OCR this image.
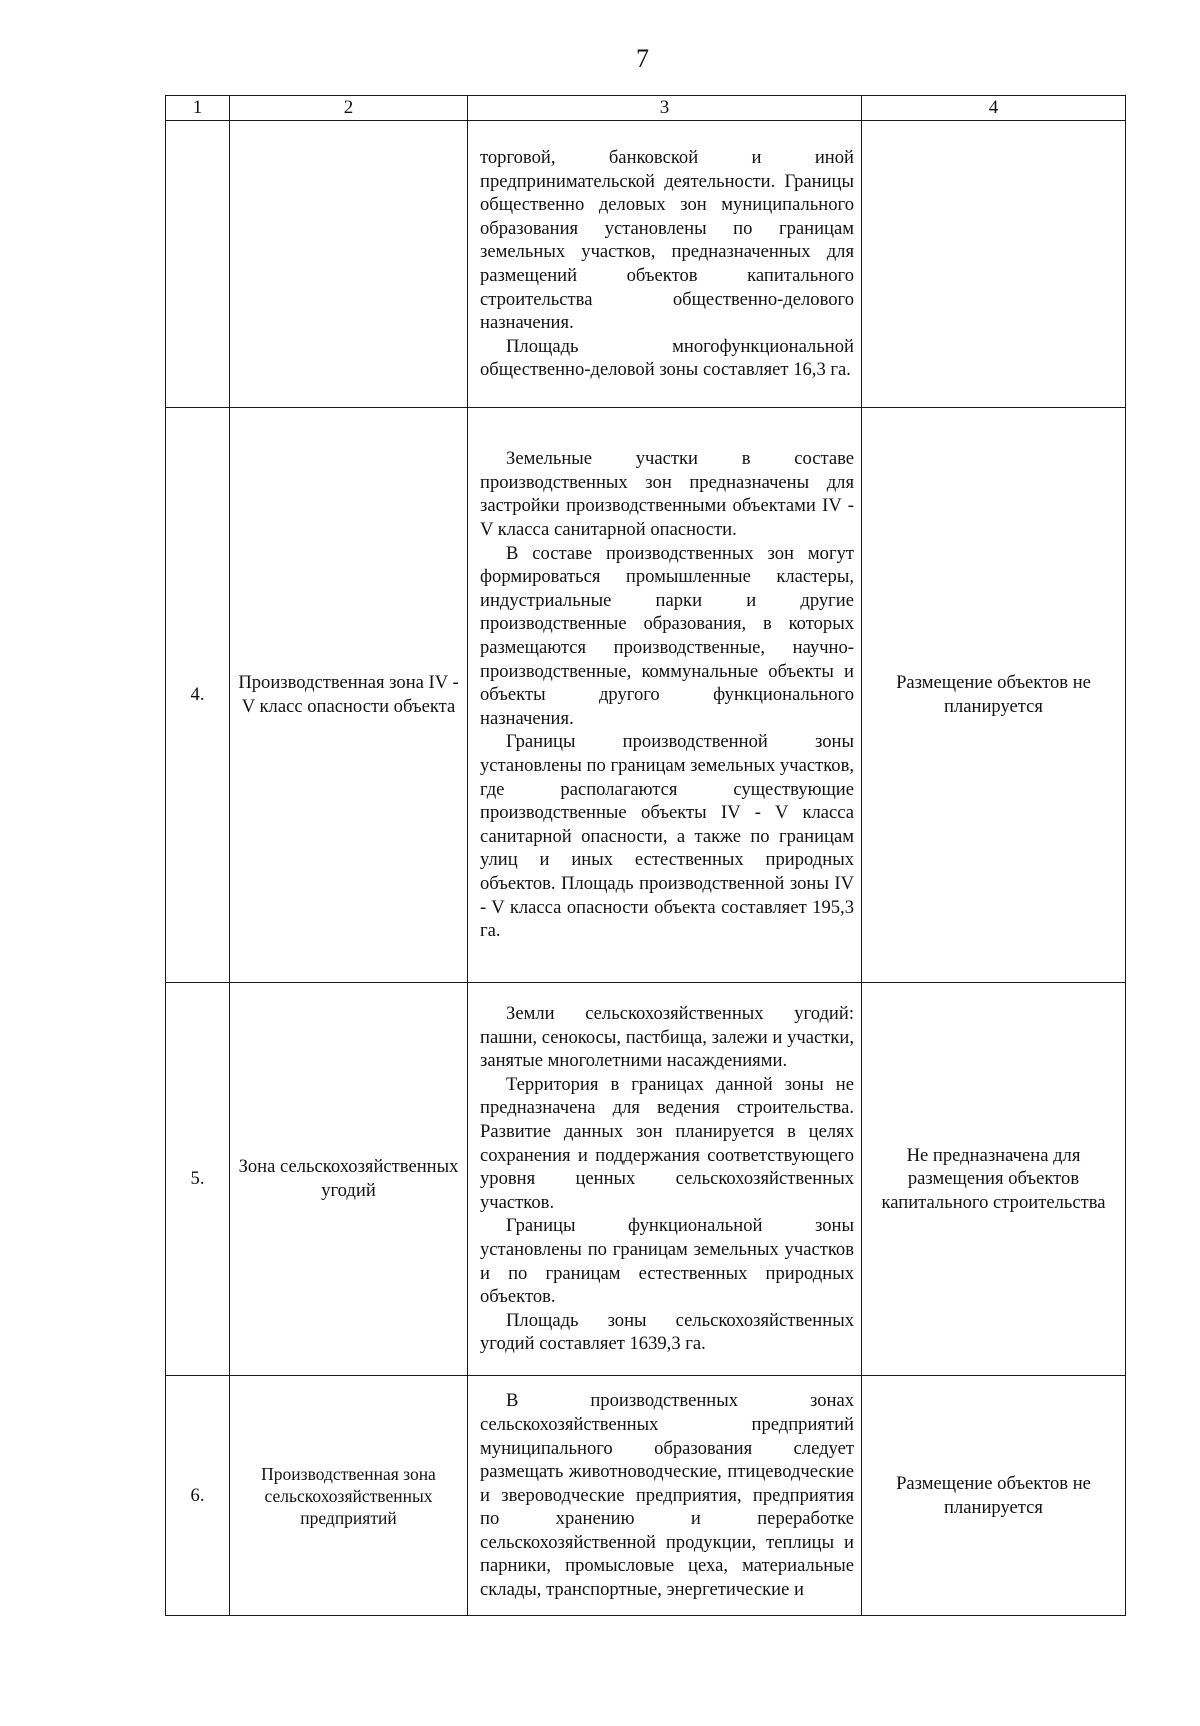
7
1	2	3	4

		торговой, банковской и иной предпринимательской деятельности. Границы общественно деловых зон муниципального образования установлены по границам земельных участков, предназначенных для размещений объектов капитального строительства общественно-делового назначения.

Площадь многофункциональной общественно-деловой зоны составляет 16,3 га.	

4.	Производственная зона IV - V класс опасности объекта	Земельные участки в составе производственных зон предназначены для застройки производственными объектами IV - V класса санитарной опасности.

В составе производственных зон могут формироваться промышленные кластеры, индустриальные парки и другие производственные образования, в которых размещаются производственные, научно-производственные, коммунальные объекты и объекты другого функционального назначения.

Границы производственной зоны установлены по границам земельных участков, где располагаются существующие производственные объекты IV - V класса санитарной опасности, а также по границам улиц и иных естественных природных объектов. Площадь производственной зоны IV - V класса опасности объекта составляет 195,3 га.	Размещение объектов не планируется
5.	Зона сельскохозяйственных угодий	Земли сельскохозяйственных угодий: пашни, сенокосы, пастбища, залежи и участки, занятые многолетними насаждениями.

Территория в границах данной зоны не предназначена для ведения строительства. Развитие данных зон планируется в целях сохранения и поддержания соответствующего уровня ценных сельскохозяйственных участков.

Границы функциональной зоны установлены по границам земельных участков и по границам естественных природных объектов.

Площадь зоны сельскохозяйственных угодий составляет 1639,3 га.	Не предназначена для размещения объектов капитального строительства
6.	Производственная зона сельскохозяйственных предприятий	В производственных зонах сельскохозяйственных предприятий муниципального образования следует размещать животноводческие, птицеводческие и звероводческие предприятия, предприятия по хранению и переработке сельскохозяйственной продукции, теплицы и парники, промысловые цеха, материальные склады, транспортные, энергетические и	Размещение объектов не планируется
